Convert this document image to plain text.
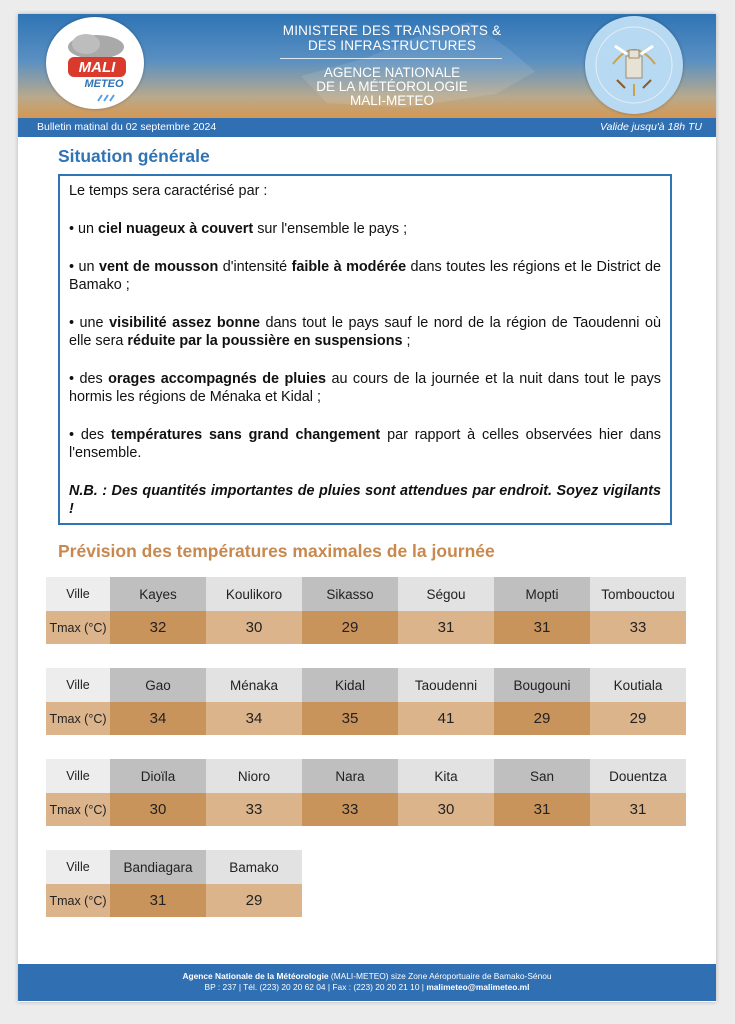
MALI
METEO
MINISTERE DES TRANSPORTS &
DES INFRASTRUCTURES
AGENCE NATIONALE
DE LA MÉTÉOROLOGIE
MALI-METEO
Bulletin matinal du 02 septembre 2024	Valide jusqu'à 18h TU
Situation générale

Le temps sera caractérisé par :

• un ciel nuageux à couvert sur l'ensemble le pays ;

• un vent de mousson d'intensité faible à modérée dans toutes les régions et le District de Bamako ;

• une visibilité assez bonne dans tout le pays sauf le nord de la région de Taoudenni où elle sera réduite par la poussière en suspensions ;

• des orages accompagnés de pluies au cours de la journée et la nuit dans tout le pays hormis les régions de Ménaka et Kidal ;

• des températures sans grand changement par rapport à celles observées hier dans l'ensemble.

N.B. : Des quantités importantes de pluies sont attendues par endroit. Soyez vigilants !

Prévision des températures maximales de la journée
Ville	Kayes	Koulikoro	Sikasso	Ségou	Mopti	Tombouctou
Tmax (°C)	32	30	29	31	31	33
Ville	Gao	Ménaka	Kidal	Taoudenni	Bougouni	Koutiala
Tmax (°C)	34	34	35	41	29	29
Ville	Dioïla	Nioro	Nara	Kita	San	Douentza
Tmax (°C)	30	33	33	30	31	31
Ville	Bandiagara	Bamako
Tmax (°C)	31	29
Agence Nationale de la Météorologie (MALI-METEO) size Zone Aéroportuaire de Bamako-Sénou
BP : 237 | Tél. (223) 20 20 62 04 | Fax : (223) 20 20 21 10 | malimeteo@malimeteo.ml
